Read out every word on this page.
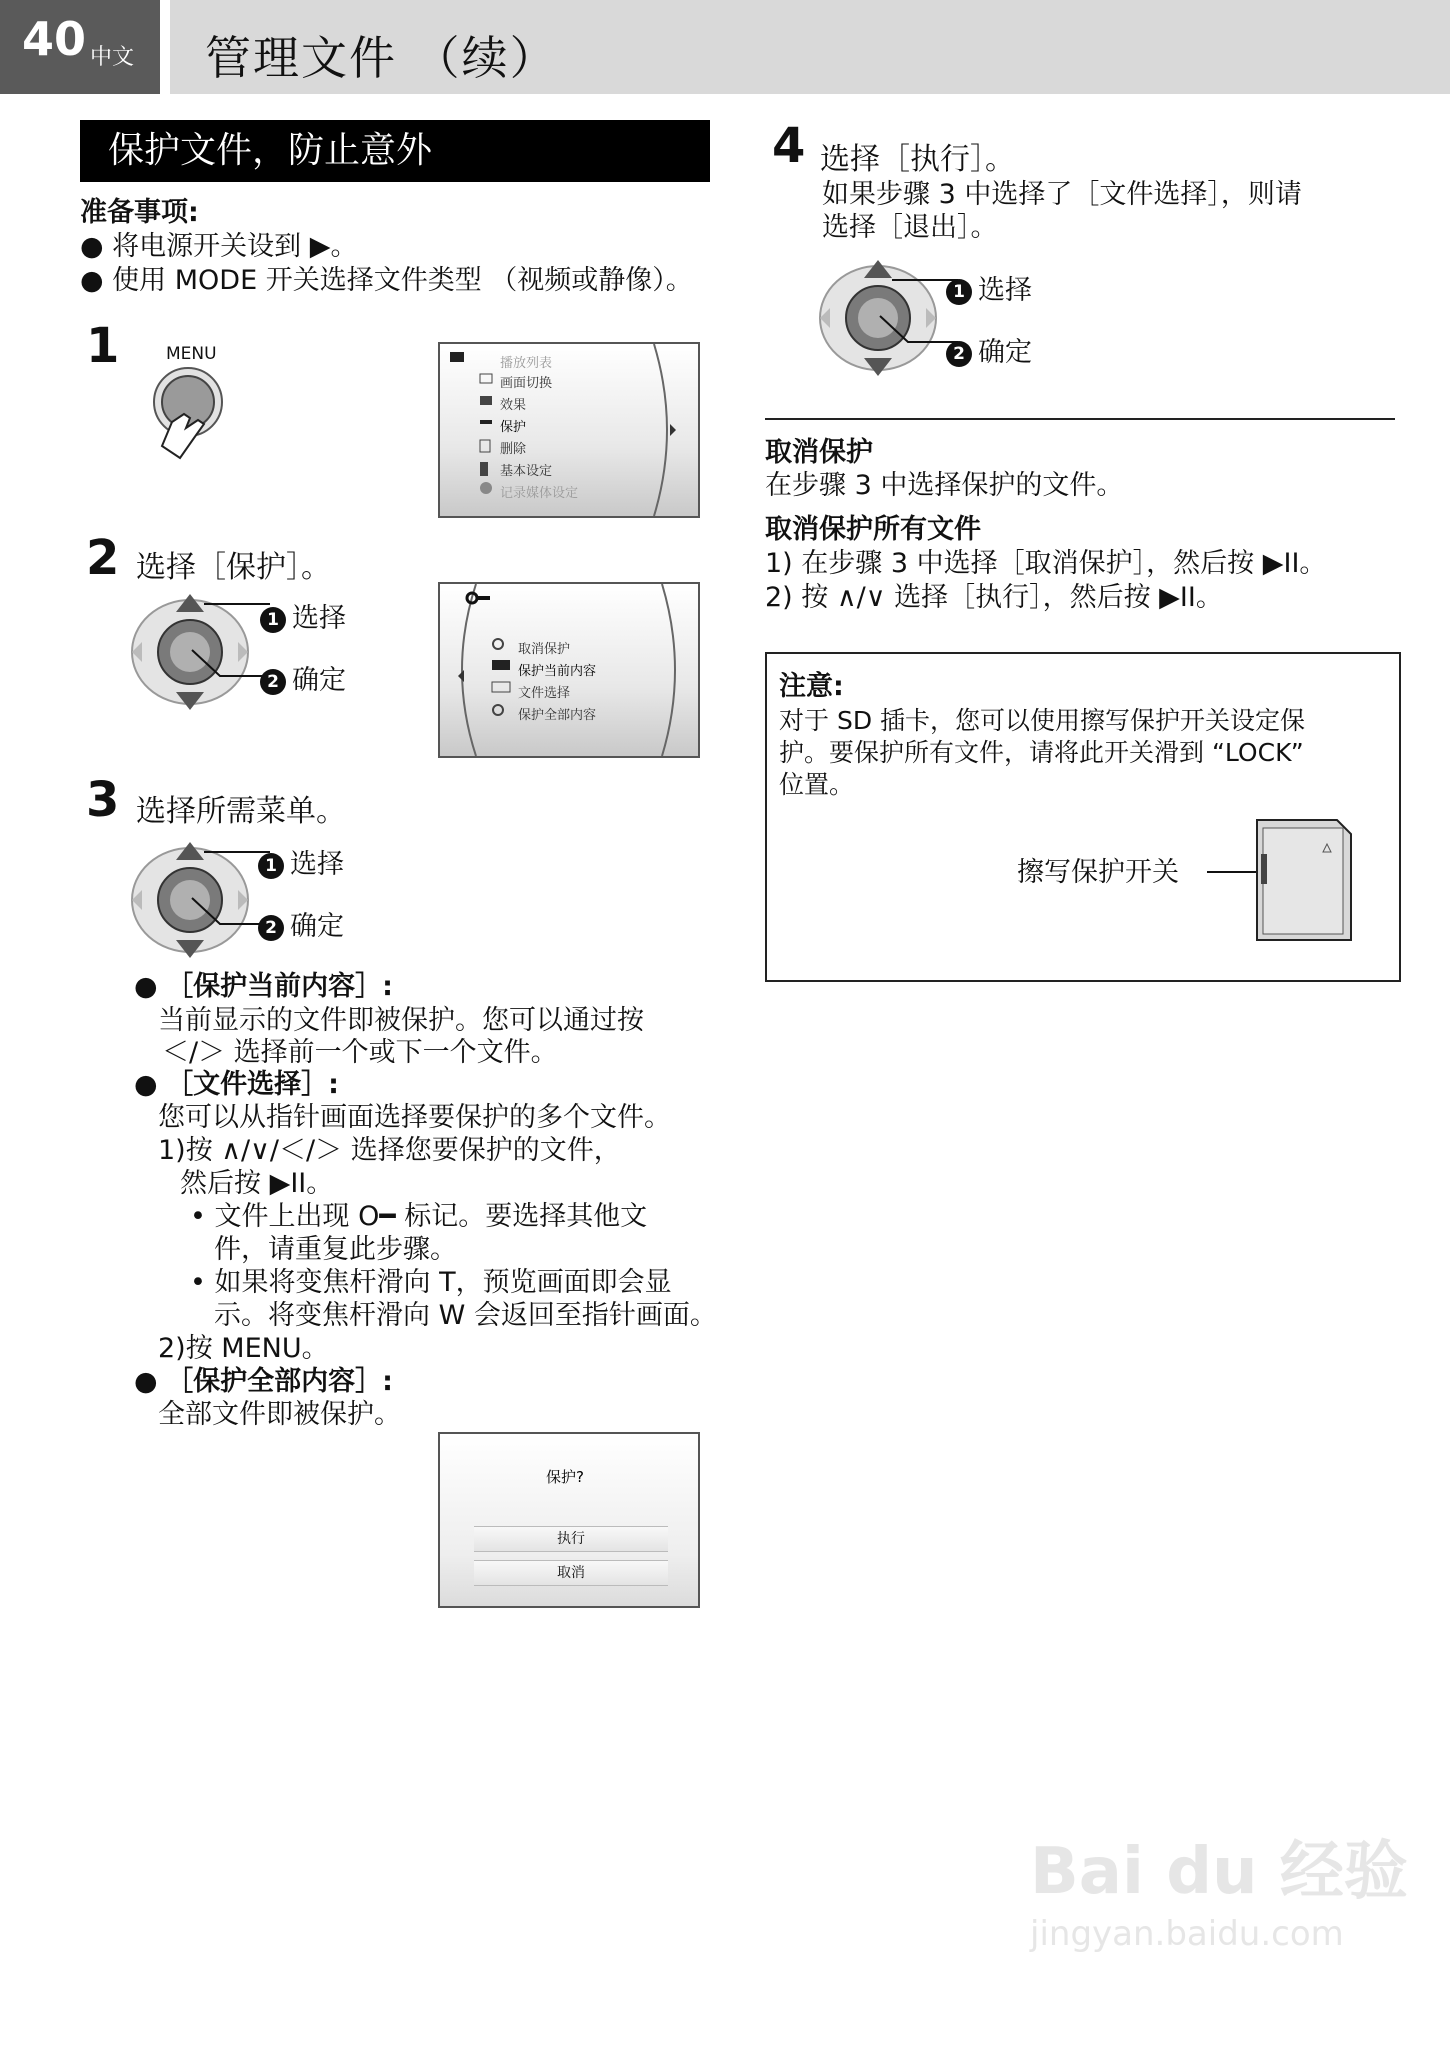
40 中文 管理文件 （续）
保护文件，防止意外
准备事项:
● 将电源开关设到 ▶。
● 使用 MODE 开关选择文件类型 （视频或静像）。
1	MENU	播放列表
画面切换
效果
保护
删除
基本设定
记录媒体设定
2 选择［保护］。
1 选择
2 确定
取消保护
保护当前内容
文件选择
保护全部内容
3 选择所需菜单。
1 选择
2 确定
● ［保护当前内容］:
当前显示的文件即被保护。您可以通过按
＜/＞ 选择前一个或下一个文件。
● ［文件选择］:
您可以从指针画面选择要保护的多个文件。
1)按 ∧/∨/＜/＞ 选择您要保护的文件，
然后按 ▶II。
• 文件上出现 O━ 标记。要选择其他文
件，请重复此步骤。
• 如果将变焦杆滑向 T，预览画面即会显
示。将变焦杆滑向 W 会返回至指针画面。
2)按 MENU。
● ［保护全部内容］:
全部文件即被保护。
保护?
执行
取消
4 选择［执行］。
如果步骤 3 中选择了［文件选择］，则请
选择［退出］。
1 选择
2 确定
取消保护
在步骤 3 中选择保护的文件。
取消保护所有文件
1) 在步骤 3 中选择［取消保护］，然后按 ▶II。
2) 按 ∧/∨ 选择［执行］，然后按 ▶II。
注意:
对于 SD 插卡，您可以使用擦写保护开关设定保
护。要保护所有文件，请将此开关滑到 “LOCK”
位置。
擦写保护开关
Bai du 经验
jingyan.baidu.com
